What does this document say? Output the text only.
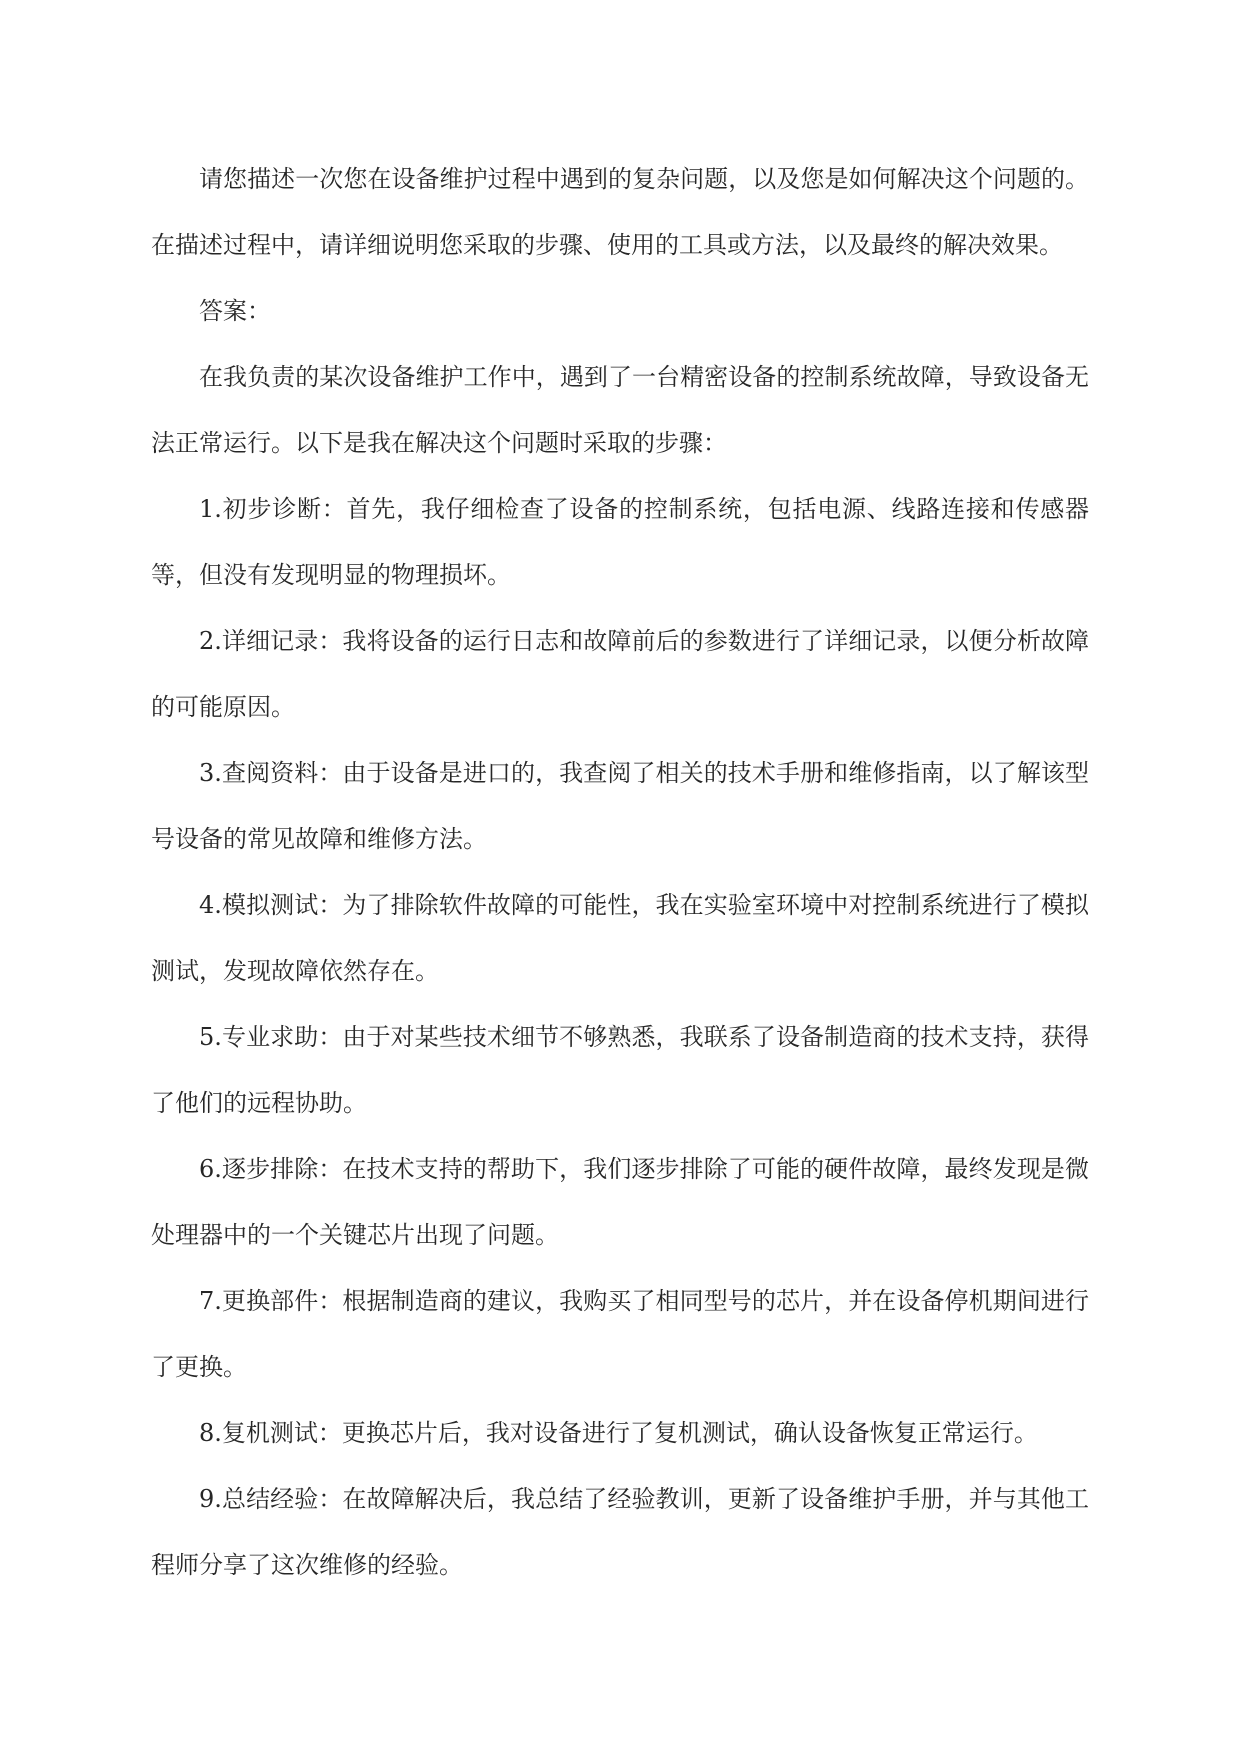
请您描述一次您在设备维护过程中遇到的复杂问题，以及您是如何解决这个问题的。在描述过程中，请详细说明您采取的步骤、使用的工具或方法，以及最终的解决效果。

答案：

在我负责的某次设备维护工作中，遇到了一台精密设备的控制系统故障，导致设备无法正常运行。以下是我在解决这个问题时采取的步骤：

1.初步诊断：首先，我仔细检查了设备的控制系统，包括电源、线路连接和传感器等，但没有发现明显的物理损坏。

2.详细记录：我将设备的运行日志和故障前后的参数进行了详细记录，以便分析故障的可能原因。

3.查阅资料：由于设备是进口的，我查阅了相关的技术手册和维修指南，以了解该型号设备的常见故障和维修方法。

4.模拟测试：为了排除软件故障的可能性，我在实验室环境中对控制系统进行了模拟测试，发现故障依然存在。

5.专业求助：由于对某些技术细节不够熟悉，我联系了设备制造商的技术支持，获得了他们的远程协助。

6.逐步排除：在技术支持的帮助下，我们逐步排除了可能的硬件故障，最终发现是微处理器中的一个关键芯片出现了问题。

7.更换部件：根据制造商的建议，我购买了相同型号的芯片，并在设备停机期间进行了更换。

8.复机测试：更换芯片后，我对设备进行了复机测试，确认设备恢复正常运行。

9.总结经验：在故障解决后，我总结了经验教训，更新了设备维护手册，并与其他工程师分享了这次维修的经验。
